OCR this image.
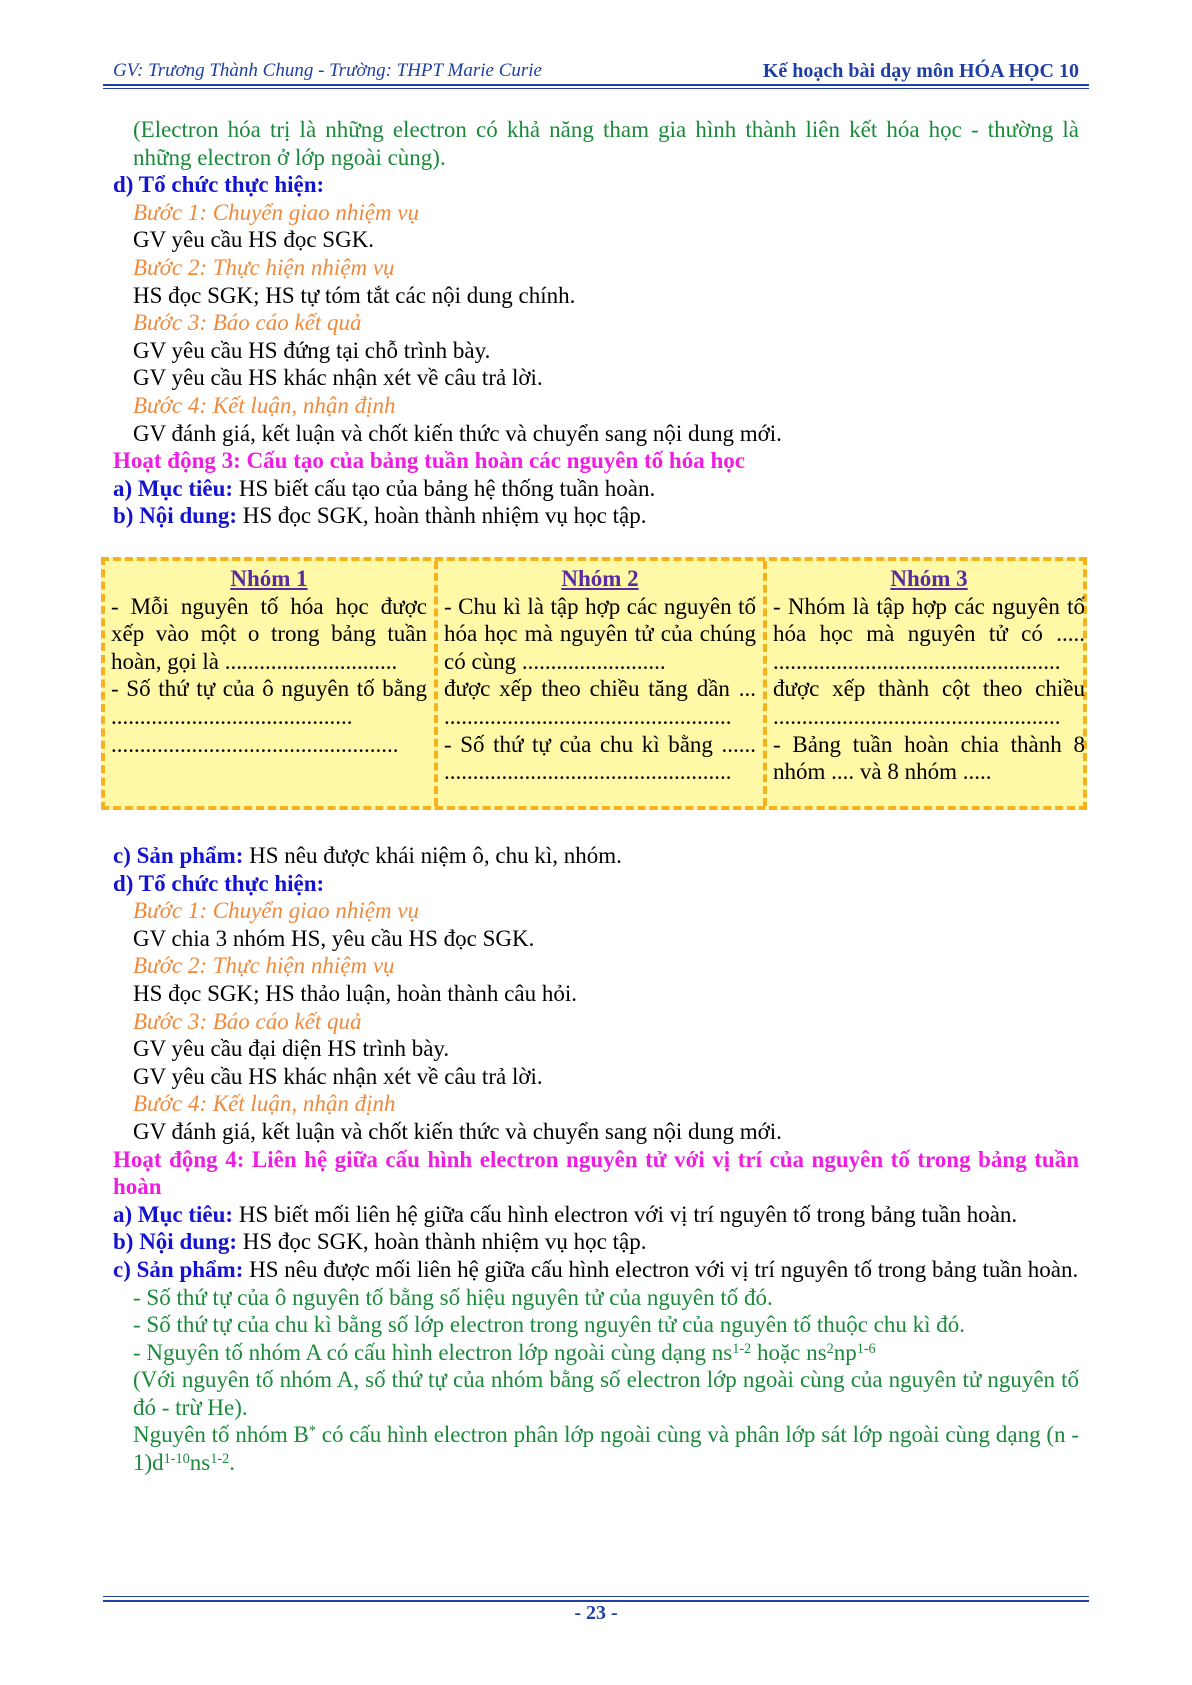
GV: Trương Thành Chung - Trường: THPT Marie Curie	Kế hoạch bài dạy môn HÓA HỌC 10

(Electron hóa trị là những electron có khả năng tham gia hình thành liên kết hóa học - thường là những electron ở lớp ngoài cùng).

d) Tổ chức thực hiện:

Bước 1: Chuyển giao nhiệm vụ

GV yêu cầu HS đọc SGK.

Bước 2: Thực hiện nhiệm vụ

HS đọc SGK; HS tự tóm tắt các nội dung chính.

Bước 3: Báo cáo kết quả

GV yêu cầu HS đứng tại chỗ trình bày.

GV yêu cầu HS khác nhận xét về câu trả lời.

Bước 4: Kết luận, nhận định

GV đánh giá, kết luận và chốt kiến thức và chuyển sang nội dung mới.

Hoạt động 3: Cấu tạo của bảng tuần hoàn các nguyên tố hóa học

a) Mục tiêu: HS biết cấu tạo của bảng hệ thống tuần hoàn.

b) Nội dung: HS đọc SGK, hoàn thành nhiệm vụ học tập.

Nhóm 1

- Mỗi nguyên tố hóa học được xếp vào một o trong bảng tuần hoàn, gọi là ..............................

- Số thứ tự của ô nguyên tố bằng ..........................................

..................................................

Nhóm 2

- Chu kì là tập hợp các nguyên tố hóa học mà nguyên tử của chúng có cùng .........................

được xếp theo chiều tăng dần ... ..................................................

- Số thứ tự của chu kì bằng ...... ..................................................

Nhóm 3

- Nhóm là tập hợp các nguyên tố hóa học mà nguyên tử có ..... ..................................................

được xếp thành cột theo chiều ..................................................

- Bảng tuần hoàn chia thành 8 nhóm .... và 8 nhóm .....

c) Sản phẩm: HS nêu được khái niệm ô, chu kì, nhóm.

d) Tổ chức thực hiện:

Bước 1: Chuyển giao nhiệm vụ

GV chia 3 nhóm HS, yêu cầu HS đọc SGK.

Bước 2: Thực hiện nhiệm vụ

HS đọc SGK; HS thảo luận, hoàn thành câu hỏi.

Bước 3: Báo cáo kết quả

GV yêu cầu đại diện HS trình bày.

GV yêu cầu HS khác nhận xét về câu trả lời.

Bước 4: Kết luận, nhận định

GV đánh giá, kết luận và chốt kiến thức và chuyển sang nội dung mới.

Hoạt động 4: Liên hệ giữa cấu hình electron nguyên tử với vị trí của nguyên tố trong bảng tuần hoàn

a) Mục tiêu: HS biết mối liên hệ giữa cấu hình electron với vị trí nguyên tố trong bảng tuần hoàn.

b) Nội dung: HS đọc SGK, hoàn thành nhiệm vụ học tập.

c) Sản phẩm: HS nêu được mối liên hệ giữa cấu hình electron với vị trí nguyên tố trong bảng tuần hoàn.

- Số thứ tự của ô nguyên tố bằng số hiệu nguyên tử của nguyên tố đó.

- Số thứ tự của chu kì bằng số lớp electron trong nguyên tử của nguyên tố thuộc chu kì đó.

- Nguyên tố nhóm A có cấu hình electron lớp ngoài cùng dạng $ns^{1-2}$ hoặc $ns^2np^{1-6}$

(Với nguyên tố nhóm A, số thứ tự của nhóm bằng số electron lớp ngoài cùng của nguyên tử nguyên tố đó - trừ He).

Nguyên tố nhóm B* có cấu hình electron phân lớp ngoài cùng và phân lớp sát lớp ngoài cùng dạng $(n - 1)d^{1-10}ns^{1-2}$.

- 23 -
